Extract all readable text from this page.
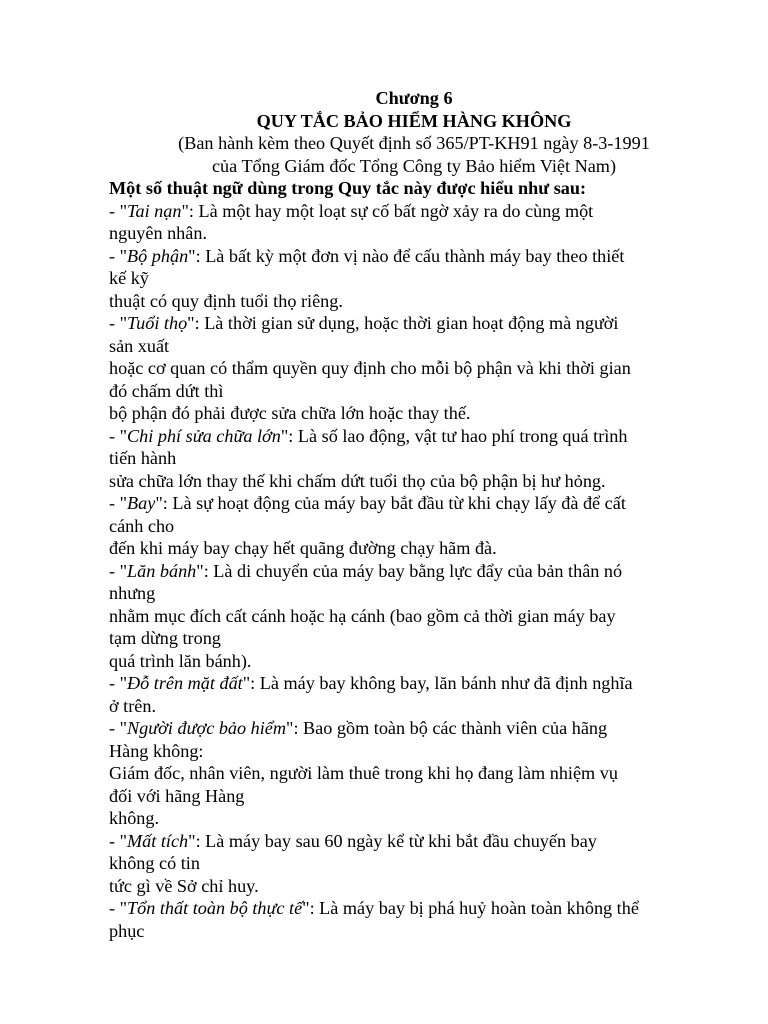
Chương 6
QUY TẮC BẢO HIỂM HÀNG KHÔNG
(Ban hành kèm theo Quyết định số 365/PT-KH91 ngày 8-3-1991
của Tổng Giám đốc Tổng Công ty Bảo hiểm Việt Nam)
Một số thuật ngữ dùng trong Quy tắc này được hiểu như sau:
- "Tai nạn": Là một hay một loạt sự cố bất ngờ xảy ra do cùng một
nguyên nhân.
- "Bộ phận": Là bất kỳ một đơn vị nào để cấu thành máy bay theo thiết
kế kỹ
thuật có quy định tuổi thọ riêng.
- "Tuổi thọ": Là thời gian sử dụng, hoặc thời gian hoạt động mà người
sản xuất
hoặc cơ quan có thẩm quyền quy định cho mỗi bộ phận và khi thời gian
đó chấm dứt thì
bộ phận đó phải được sửa chữa lớn hoặc thay thế.
- "Chi phí sửa chữa lớn": Là số lao động, vật tư hao phí trong quá trình
tiến hành
sửa chữa lớn thay thế khi chấm dứt tuổi thọ của bộ phận bị hư hỏng.
- "Bay": Là sự hoạt động của máy bay bắt đầu từ khi chạy lấy đà để cất
cánh cho
đến khi máy bay chạy hết quãng đường chạy hãm đà.
- "Lăn bánh": Là di chuyển của máy bay bằng lực đẩy của bản thân nó
nhưng
nhằm mục đích cất cánh hoặc hạ cánh (bao gồm cả thời gian máy bay
tạm dừng trong
quá trình lăn bánh).
- "Đỗ trên mặt đất": Là máy bay không bay, lăn bánh như đã định nghĩa
ở trên.
- "Người được bảo hiểm": Bao gồm toàn bộ các thành viên của hãng
Hàng không:
Giám đốc, nhân viên, người làm thuê trong khi họ đang làm nhiệm vụ
đối với hãng Hàng
không.
- "Mất tích": Là máy bay sau 60 ngày kể từ khi bắt đầu chuyến bay
không có tin
tức gì về Sở chỉ huy.
- "Tổn thất toàn bộ thực tế": Là máy bay bị phá huỷ hoàn toàn không thể
phục
